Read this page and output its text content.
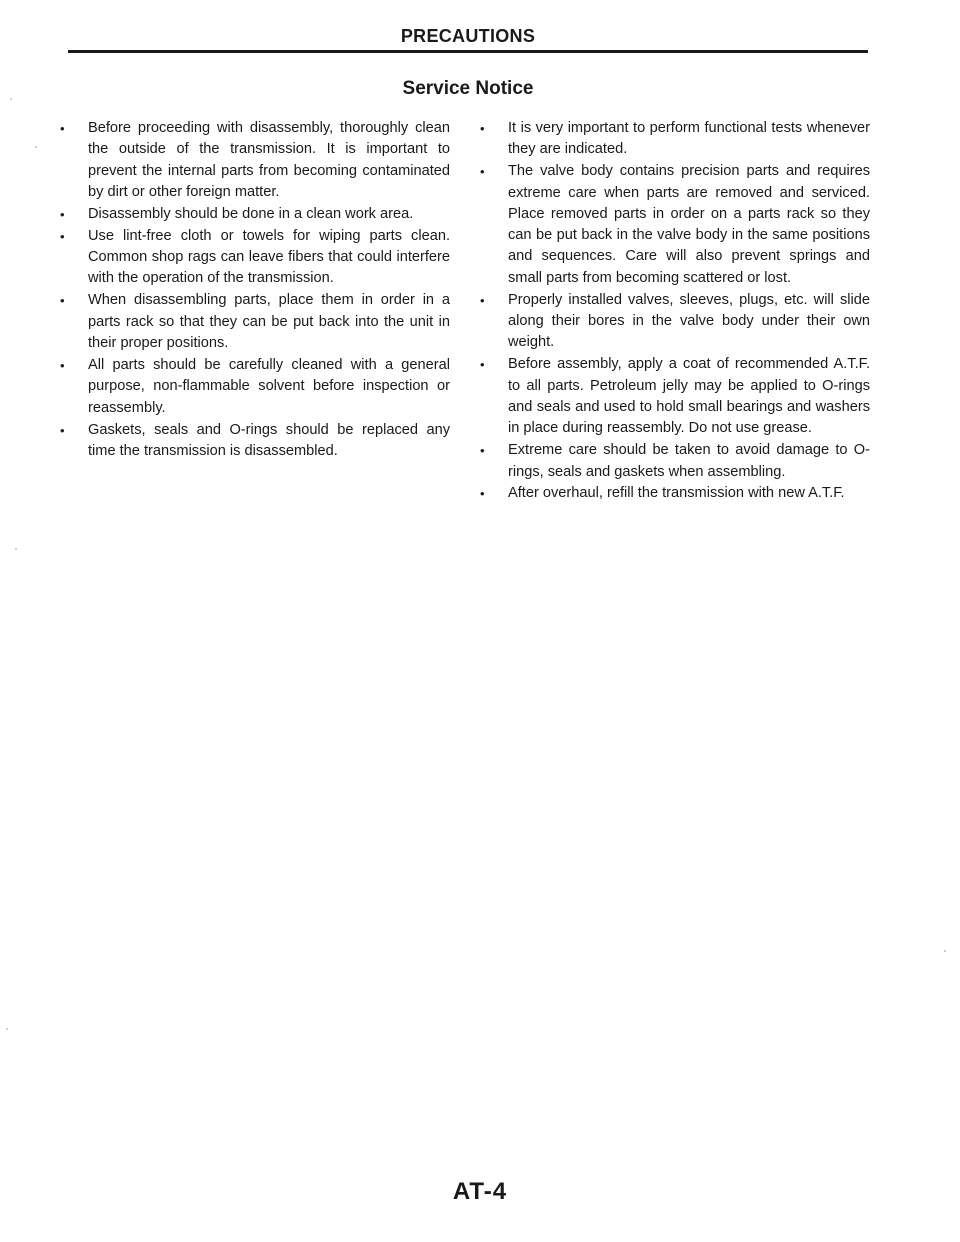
PRECAUTIONS
Service Notice
•	Before proceeding with disassembly, thoroughly clean the outside of the transmission. It is important to prevent the internal parts from becoming contaminated by dirt or other foreign matter.
•	Disassembly should be done in a clean work area.
•	Use lint-free cloth or towels for wiping parts clean. Common shop rags can leave fibers that could interfere with the operation of the transmission.
•	When disassembling parts, place them in order in a parts rack so that they can be put back into the unit in their proper positions.
•	All parts should be carefully cleaned with a general purpose, non-flammable solvent before inspection or reassembly.
•	Gaskets, seals and O-rings should be replaced any time the transmission is disassembled.
•	It is very important to perform functional tests whenever they are indicated.
•	The valve body contains precision parts and requires extreme care when parts are removed and serviced. Place removed parts in order on a parts rack so they can be put back in the valve body in the same positions and sequences. Care will also prevent springs and small parts from becoming scattered or lost.
•	Properly installed valves, sleeves, plugs, etc. will slide along their bores in the valve body under their own weight.
•	Before assembly, apply a coat of recommended A.T.F. to all parts. Petroleum jelly may be applied to O-rings and seals and used to hold small bearings and washers in place during reassembly. Do not use grease.
•	Extreme care should be taken to avoid damage to O-rings, seals and gaskets when assembling.
•	After overhaul, refill the transmission with new A.T.F.
AT-4
